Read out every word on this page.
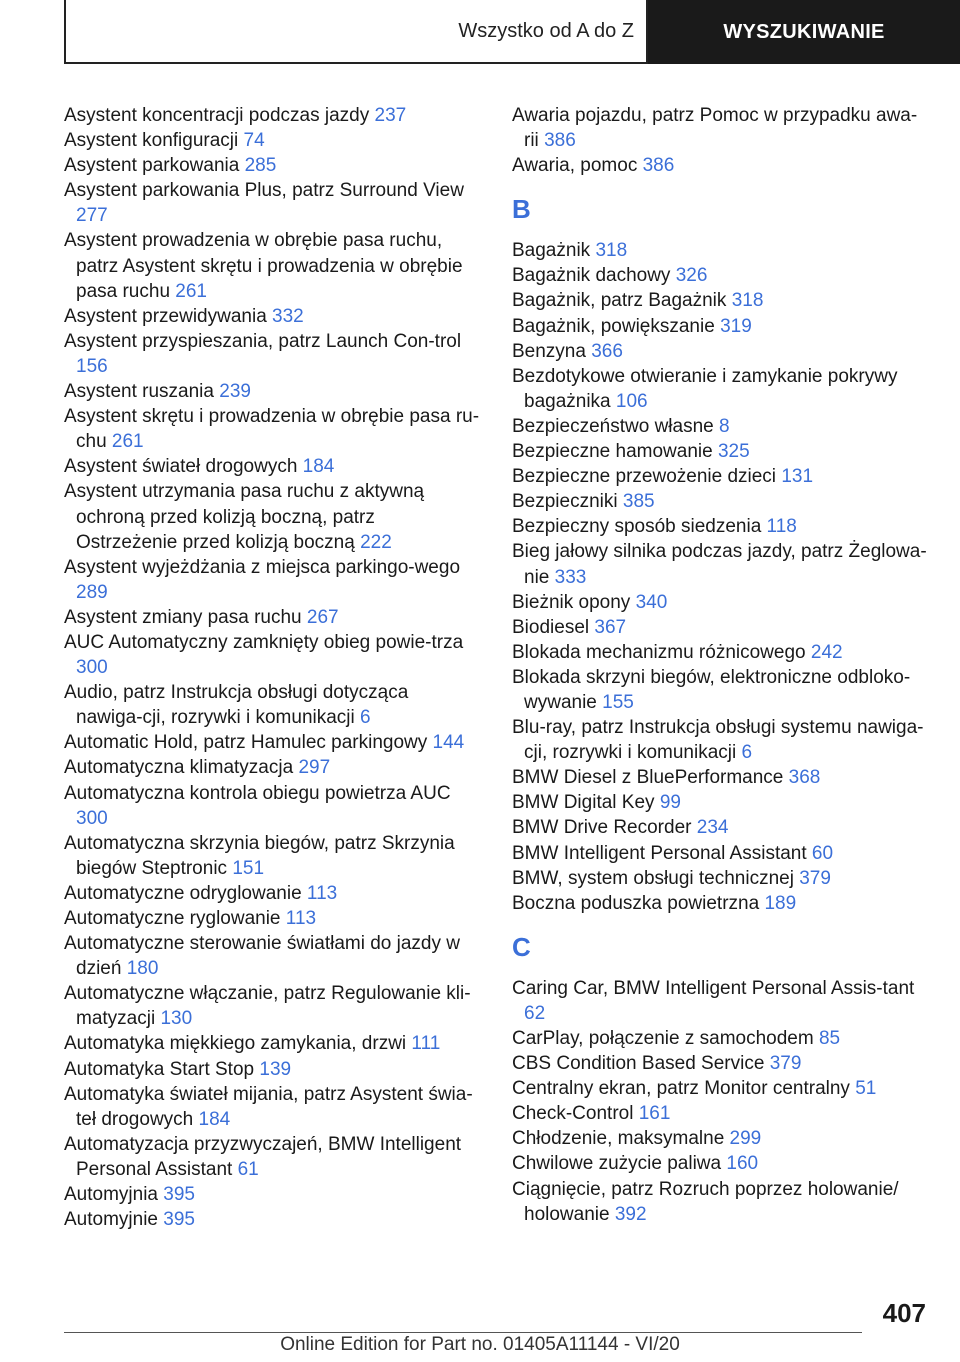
Wszystko od A do Z	WYSZUKIWANIE
Asystent koncentracji podczas jazdy 237
Asystent konfiguracji 74
Asystent parkowania 285
Asystent parkowania Plus, patrz Surround View 277
Asystent prowadzenia w obrębie pasa ruchu, patrz Asystent skrętu i prowadzenia w obrębie pasa ruchu 261
Asystent przewidywania 332
Asystent przyspieszania, patrz Launch Con‐trol 156
Asystent ruszania 239
Asystent skrętu i prowadzenia w obrębie pasa ru‐chu 261
Asystent świateł drogowych 184
Asystent utrzymania pasa ruchu z aktywną ochroną przed kolizją boczną, patrz Ostrzeżenie przed kolizją boczną 222
Asystent wyjeżdżania z miejsca parkingo‐wego 289
Asystent zmiany pasa ruchu 267
AUC Automatyczny zamknięty obieg powie‐trza 300
Audio, patrz Instrukcja obsługi dotycząca nawiga‐cji, rozrywki i komunikacji 6
Automatic Hold, patrz Hamulec parkingowy 144
Automatyczna klimatyzacja 297
Automatyczna kontrola obiegu powietrza AUC 300
Automatyczna skrzynia biegów, patrz Skrzynia biegów Steptronic 151
Automatyczne odryglowanie 113
Automatyczne ryglowanie 113
Automatyczne sterowanie światłami do jazdy w dzień 180
Automatyczne włączanie, patrz Regulowanie kli‐matyzacji 130
Automatyka miękkiego zamykania, drzwi 111
Automatyka Start Stop 139
Automatyka świateł mijania, patrz Asystent świa‐teł drogowych 184
Automatyzacja przyzwyczajeń, BMW Intelligent Personal Assistant 61
Automyjnia 395
Automyjnie 395
Awaria pojazdu, patrz Pomoc w przypadku awa‐rii 386
Awaria, pomoc 386
B
Bagażnik 318
Bagażnik dachowy 326
Bagażnik, patrz Bagażnik 318
Bagażnik, powiększanie 319
Benzyna 366
Bezdotykowe otwieranie i zamykanie pokrywy bagażnika 106
Bezpieczeństwo własne 8
Bezpieczne hamowanie 325
Bezpieczne przewożenie dzieci 131
Bezpieczniki 385
Bezpieczny sposób siedzenia 118
Bieg jałowy silnika podczas jazdy, patrz Żeglowa‐nie 333
Bieżnik opony 340
Biodiesel 367
Blokada mechanizmu różnicowego 242
Blokada skrzyni biegów, elektroniczne odbloko‐wywanie 155
Blu-ray, patrz Instrukcja obsługi systemu nawiga‐cji, rozrywki i komunikacji 6
BMW Diesel z BluePerformance 368
BMW Digital Key 99
BMW Drive Recorder 234
BMW Intelligent Personal Assistant 60
BMW, system obsługi technicznej 379
Boczna poduszka powietrzna 189
C
Caring Car, BMW Intelligent Personal Assis‐tant 62
CarPlay, połączenie z samochodem 85
CBS Condition Based Service 379
Centralny ekran, patrz Monitor centralny 51
Check-Control 161
Chłodzenie, maksymalne 299
Chwilowe zużycie paliwa 160
Ciągnięcie, patrz Rozruch poprzez holowanie/ holowanie 392
407
Online Edition for Part no. 01405A11144 - VI/20
